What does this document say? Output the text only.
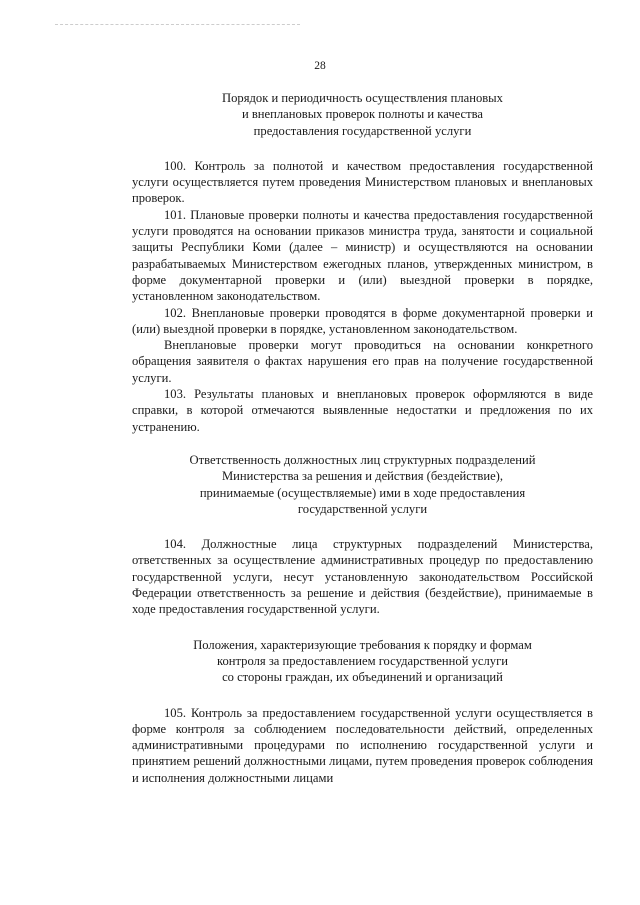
28
Порядок и периодичность осуществления плановых
и внеплановых проверок полноты и качества
предоставления государственной услуги

100. Контроль за полнотой и качеством предоставления государственной услуги осуществляется путем проведения Министерством плановых и внеплановых проверок.

101. Плановые проверки полноты и качества предоставления государственной услуги проводятся на основании приказов министра труда, занятости и социальной защиты Республики Коми (далее – министр) и осуществляются на основании разрабатываемых Министерством ежегодных планов, утвержденных министром, в форме документарной проверки и (или) выездной проверки в порядке, установленном законодательством.

102. Внеплановые проверки проводятся в форме документарной проверки и (или) выездной проверки в порядке, установленном законодательством.

Внеплановые проверки могут проводиться на основании конкретного обращения заявителя о фактах нарушения его прав на получение государственной услуги.

103. Результаты плановых и внеплановых проверок оформляются в виде справки, в которой отмечаются выявленные недостатки и предложения по их устранению.

Ответственность должностных лиц структурных подразделений
Министерства за решения и действия (бездействие),
принимаемые (осуществляемые) ими в ходе предоставления
государственной услуги

104. Должностные лица структурных подразделений Министерства, ответственных за осуществление административных процедур по предоставлению государственной услуги, несут установленную законодательством Российской Федерации ответственность за решение и действия (бездействие), принимаемые в ходе предоставления государственной услуги.

Положения, характеризующие требования к порядку и формам
контроля за предоставлением государственной услуги
со стороны граждан, их объединений и организаций

105. Контроль за предоставлением государственной услуги осуществляется в форме контроля за соблюдением последовательности действий, определенных административными процедурами по исполнению государственной услуги и принятием решений должностными лицами, путем проведения проверок соблюдения и исполнения должностными лицами
